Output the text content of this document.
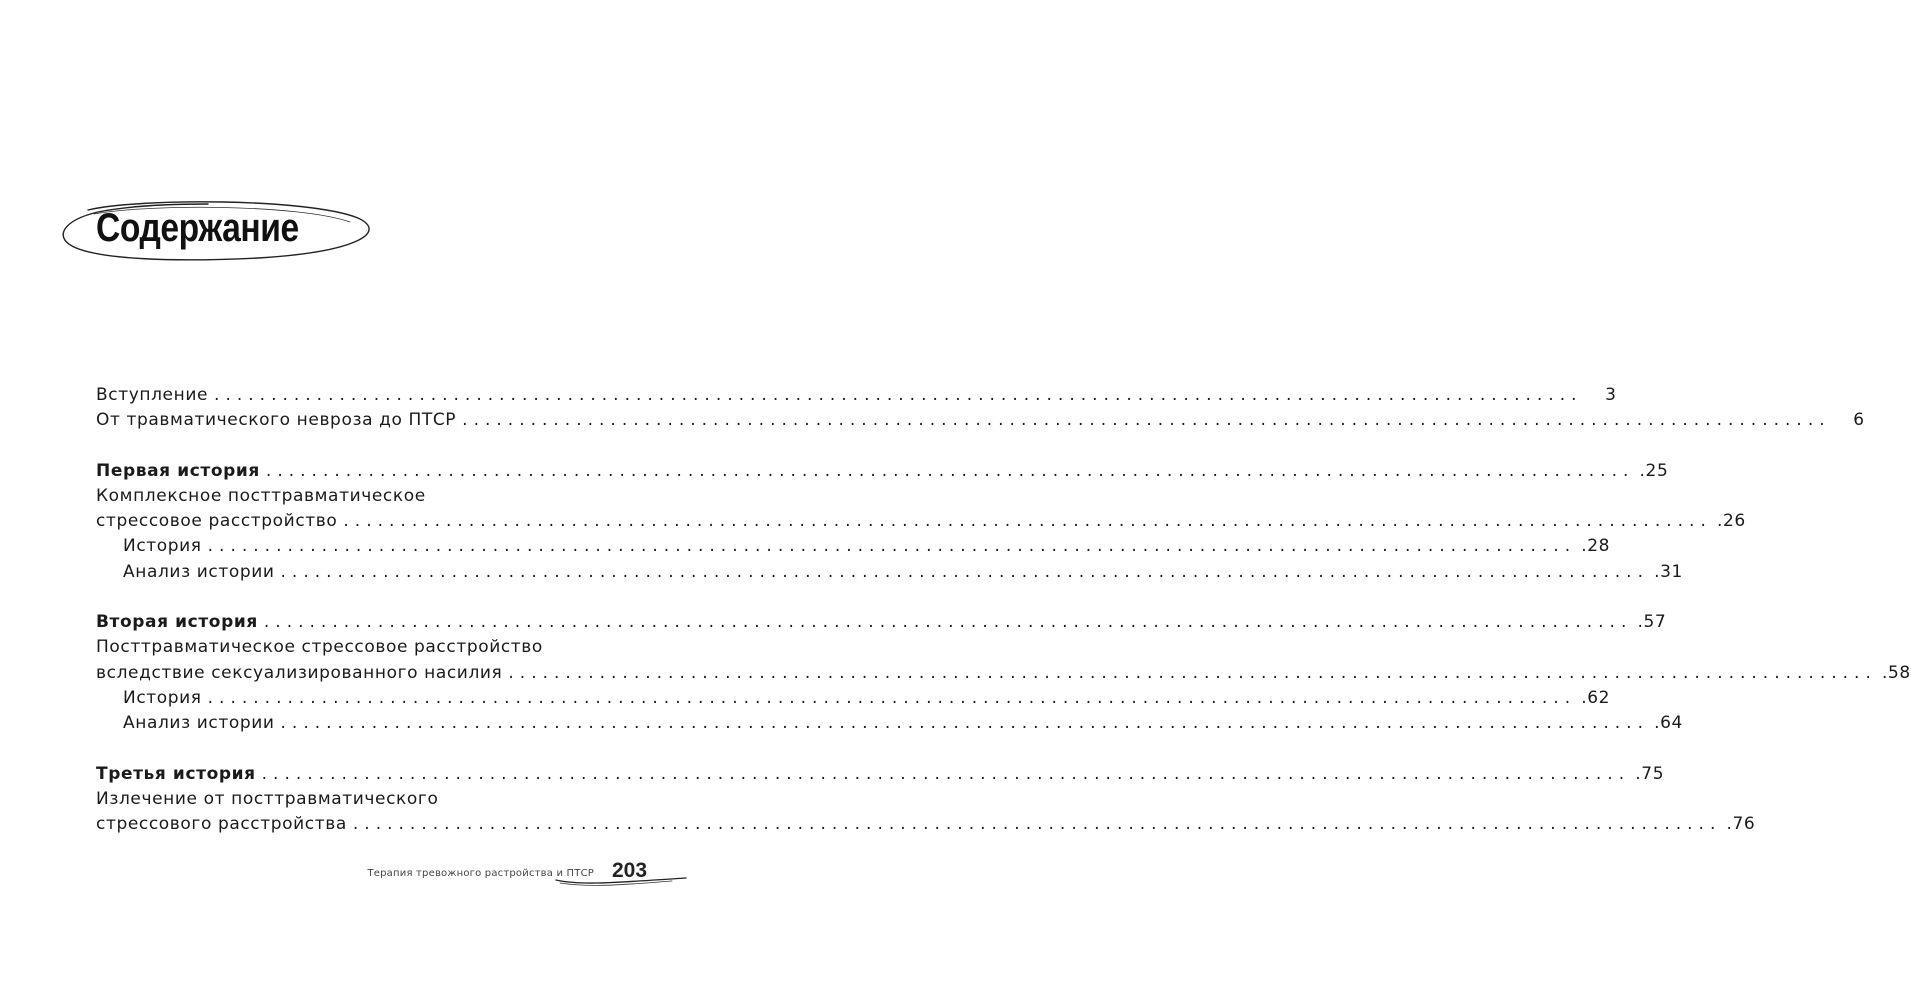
Содержание
Вступление ........................................................................................................................	3
От травматического невроза до ПТСР ........................................................................................................................	6
Первая история ........................................................................................................................ .25
Комплексное посттравматическое
стрессовое расстройство ........................................................................................................................ .26
История ........................................................................................................................ .28
Анализ истории ........................................................................................................................ .31
Вторая история ........................................................................................................................ .57
Посттравматическое стрессовое расстройство
вследствие сексуализированного насилия ........................................................................................................................ .58
История ........................................................................................................................ .62
Анализ истории ........................................................................................................................ .64
Третья история ........................................................................................................................ .75
Излечение от посттравматического
стрессового расстройства ........................................................................................................................ .76
Терапия тревожного растройства и ПТСР 203
